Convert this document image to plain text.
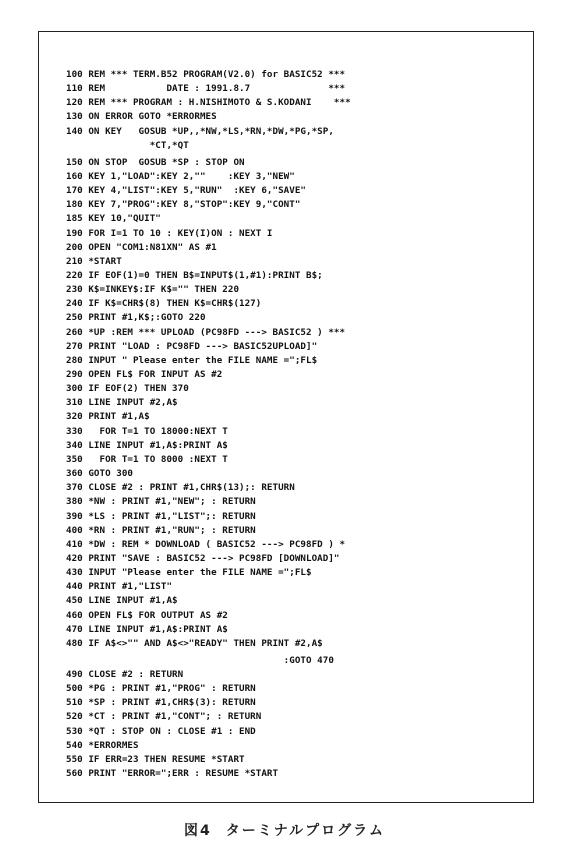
100 REM *** TERM.B52 PROGRAM(V2.0) for BASIC52 ***
110 REM           DATE : 1991.8.7              ***
120 REM *** PROGRAM : H.NISHIMOTO & S.KODANI    ***
130 ON ERROR GOTO *ERRORMES
140 ON KEY   GOSUB *UP,,*NW,*LS,*RN,*DW,*PG,*SP,
*CT,*QT
150 ON STOP  GOSUB *SP : STOP ON
160 KEY 1,"LOAD":KEY 2,""    :KEY 3,"NEW"
170 KEY 4,"LIST":KEY 5,"RUN"  :KEY 6,"SAVE"
180 KEY 7,"PROG":KEY 8,"STOP":KEY 9,"CONT"
185 KEY 10,"QUIT"
190 FOR I=1 TO 10 : KEY(I)ON : NEXT I
200 OPEN "COM1:N81XN" AS #1
210 *START
220 IF EOF(1)=0 THEN B$=INPUT$(1,#1):PRINT B$;
230 K$=INKEY$:IF K$="" THEN 220
240 IF K$=CHR$(8) THEN K$=CHR$(127)
250 PRINT #1,K$;:GOTO 220
260 *UP :REM *** UPLOAD (PC98FD ---> BASIC52 ) ***
270 PRINT "LOAD : PC98FD ---> BASIC52UPLOAD]"
280 INPUT " Please enter the FILE NAME =";FL$
290 OPEN FL$ FOR INPUT AS #2
300 IF EOF(2) THEN 370
310 LINE INPUT #2,A$
320 PRINT #1,A$
330   FOR T=1 TO 18000:NEXT T
340 LINE INPUT #1,A$:PRINT A$
350   FOR T=1 TO 8000 :NEXT T
360 GOTO 300
370 CLOSE #2 : PRINT #1,CHR$(13);: RETURN
380 *NW : PRINT #1,"NEW"; : RETURN
390 *LS : PRINT #1,"LIST";: RETURN
400 *RN : PRINT #1,"RUN"; : RETURN
410 *DW : REM * DOWNLOAD ( BASIC52 ---> PC98FD ) *
420 PRINT "SAVE : BASIC52 ---> PC98FD [DOWNLOAD]"
430 INPUT "Please enter the FILE NAME =";FL$
440 PRINT #1,"LIST"
450 LINE INPUT #1,A$
460 OPEN FL$ FOR OUTPUT AS #2
470 LINE INPUT #1,A$:PRINT A$
480 IF A$<>"" AND A$<>"READY" THEN PRINT #2,A$
:GOTO 470
490 CLOSE #2 : RETURN
500 *PG : PRINT #1,"PROG" : RETURN
510 *SP : PRINT #1,CHR$(3): RETURN
520 *CT : PRINT #1,"CONT"; : RETURN
530 *QT : STOP ON : CLOSE #1 : END
540 *ERRORMES
550 IF ERR=23 THEN RESUME *START
560 PRINT "ERROR=";ERR : RESUME *START
図4 ターミナルプログラム
